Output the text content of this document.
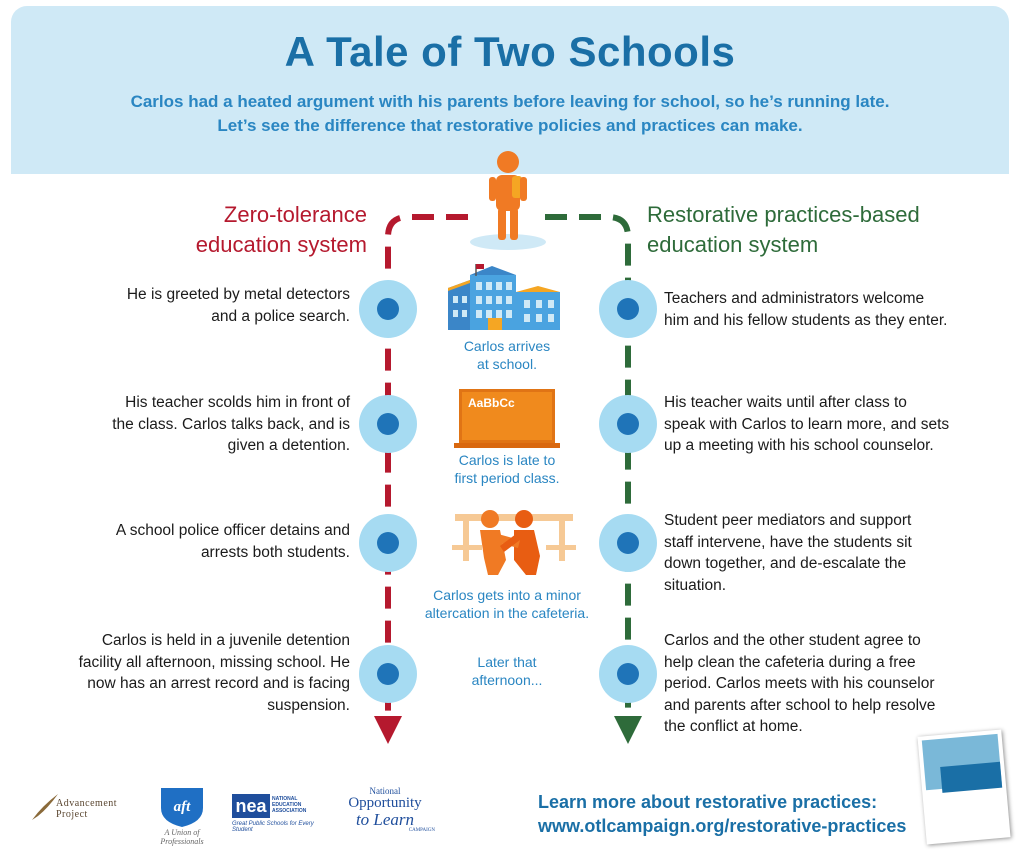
A Tale of Two Schools
Carlos had a heated argument with his parents before leaving for school, so he’s running late.
Let’s see the difference that restorative policies and practices can make.
Zero-tolerance
education system
Restorative practices-based
education system
He is greeted by metal detectors
and a police search.
His teacher scolds him in front of
the class. Carlos talks back, and is
given a detention.
A school police officer detains and
arrests both students.
Carlos is held in a juvenile detention
facility all afternoon, missing school. He
now has an arrest record and is facing
suspension.
Teachers and administrators welcome
him and his fellow students as they enter.
His teacher waits until after class to
speak with Carlos to learn more, and sets
up a meeting with his school counselor.
Student peer mediators and support
staff intervene, have the students sit
down together, and de-escalate the
situation.
Carlos and the other student agree to
help clean the cafeteria during a free
period. Carlos meets with his counselor
and parents after school to help resolve
the conflict at home.
AaBbCc
Carlos arrives
at school.
Carlos is late to
first period class.
Carlos gets into a minor
altercation in the cafeteria.
Later that
afternoon...
Advancement
Project	aft
A Union of Professionals
nea	NATIONAL
EDUCATION
ASSOCIATION
Great Public Schools for Every Student
National
Opportunity
to Learn
CAMPAIGN
Learn more about restorative practices:
www.otlcampaign.org/restorative-practices
